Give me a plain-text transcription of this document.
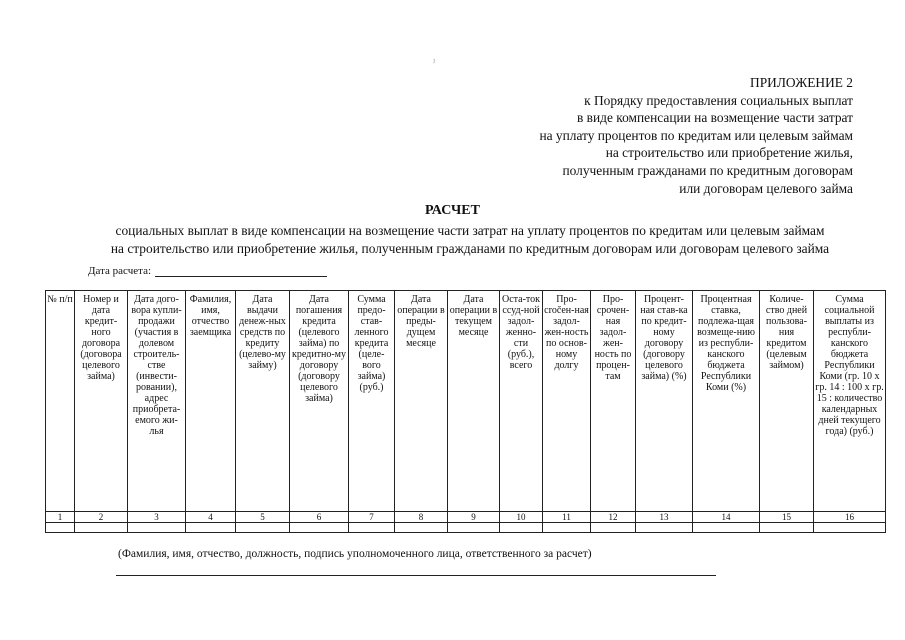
ˀ
ПРИЛОЖЕНИЕ 2
к Порядку предоставления социальных выплат
в виде компенсации на возмещение части затрат
на уплату процентов по кредитам или целевым займам
на строительство или приобретение жилья,
полученным гражданами по кредитным договорам
или договорам целевого займа
РАСЧЕТ
социальных выплат в виде компенсации на возмещение части затрат на уплату процентов по кредитам или целевым займам
на строительство или приобретение жилья, полученным гражданами по кредитным договорам или договорам целевого займа
Дата расчета:
№ п/п	Номер и дата кредит-ного договора (договора целевого займа)	Дата дого-вора купли-продажи (участия в долевом строитель-стве (инвести-ровании), адрес приобрета-емого жи-лья	Фамилия, имя, отчество заемщика	Дата выдачи денеж-ных средств по кредиту (целево-му займу)	Дата погашения кредита (целевого займа) по кредитно-му договору (договору целевого займа)	Сумма предо-став-ленного кредита (целе-вого займа) (руб.)	Дата операции в преды-дущем месяце	Дата операции в текущем месяце	Оста-ток ссуд-ной задол-женно-сти (руб.), всего	Про-сročен-ная задол-жен-ность по основ-ному долгу	Про-срочен-ная задол-жен-ность по процен-там	Процент-ная став-ка по кредит-ному договору (договору целевого займа) (%)	Процентная ставка, подлежа-щая возмеще-нию из республи-канского бюджета Республики Коми (%)	Количе-ство дней пользова-ния кредитом (целевым займом)	Сумма социальной выплаты из республи-канского бюджета Республики Коми (гр. 10 х гр. 14 : 100 х гр. 15 : количество календарных дней текущего года) (руб.)
1	2	3	4	5	6	7	8	9	10	11	12	13	14	15	16

(Фамилия, имя, отчество, должность, подпись уполномоченного лица, ответственного за расчет)
